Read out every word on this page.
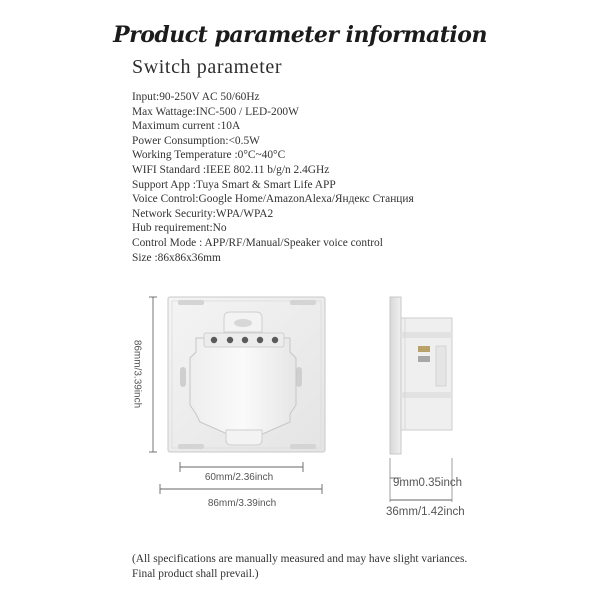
Product parameter information
Switch parameter
Input:90-250V AC 50/60Hz
Max Wattage:INC-500 / LED-200W
Maximum current :10A
Power Consumption:<0.5W
Working Temperature :0°C~40°C
WIFI Standard :IEEE 802.11 b/g/n 2.4GHz
Support App :Tuya Smart & Smart Life APP
Voice Control:Google Home/AmazonAlexa/Яндекс Станция
Network Security:WPA/WPA2
Hub requirement:No
Control Mode : APP/RF/Manual/Speaker voice control
Size :86x86x36mm
86mm/3.39inch
60mm/2.36inch
86mm/3.39inch
9mm0.35inch
36mm/1.42inch
(All specifications are manually measured and may have slight variances.
Final product shall prevail.)
